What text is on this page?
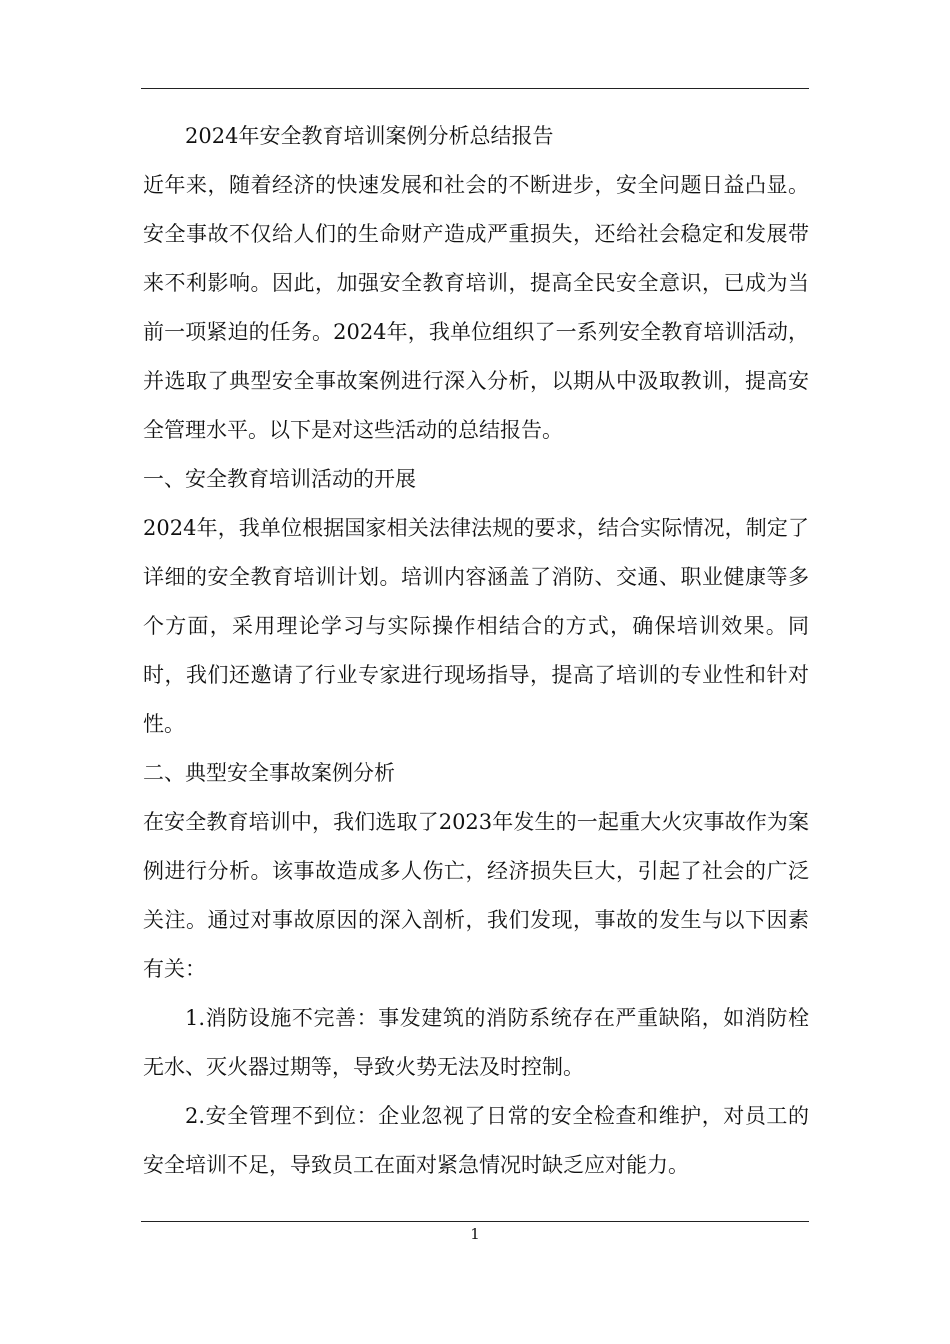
2024年安全教育培训案例分析总结报告

近年来，随着经济的快速发展和社会的不断进步，安全问题日益凸显。安全事故不仅给人们的生命财产造成严重损失，还给社会稳定和发展带来不利影响。因此，加强安全教育培训，提高全民安全意识，已成为当前一项紧迫的任务。2024年，我单位组织了一系列安全教育培训活动，并选取了典型安全事故案例进行深入分析，以期从中汲取教训，提高安全管理水平。以下是对这些活动的总结报告。

一、安全教育培训活动的开展

2024年，我单位根据国家相关法律法规的要求，结合实际情况，制定了详细的安全教育培训计划。培训内容涵盖了消防、交通、职业健康等多个方面，采用理论学习与实际操作相结合的方式，确保培训效果。同时，我们还邀请了行业专家进行现场指导，提高了培训的专业性和针对性。

二、典型安全事故案例分析

在安全教育培训中，我们选取了2023年发生的一起重大火灾事故作为案例进行分析。该事故造成多人伤亡，经济损失巨大，引起了社会的广泛关注。通过对事故原因的深入剖析，我们发现，事故的发生与以下因素有关：

1.消防设施不完善：事发建筑的消防系统存在严重缺陷，如消防栓无水、灭火器过期等，导致火势无法及时控制。

2.安全管理不到位：企业忽视了日常的安全检查和维护，对员工的安全培训不足，导致员工在面对紧急情况时缺乏应对能力。

1
